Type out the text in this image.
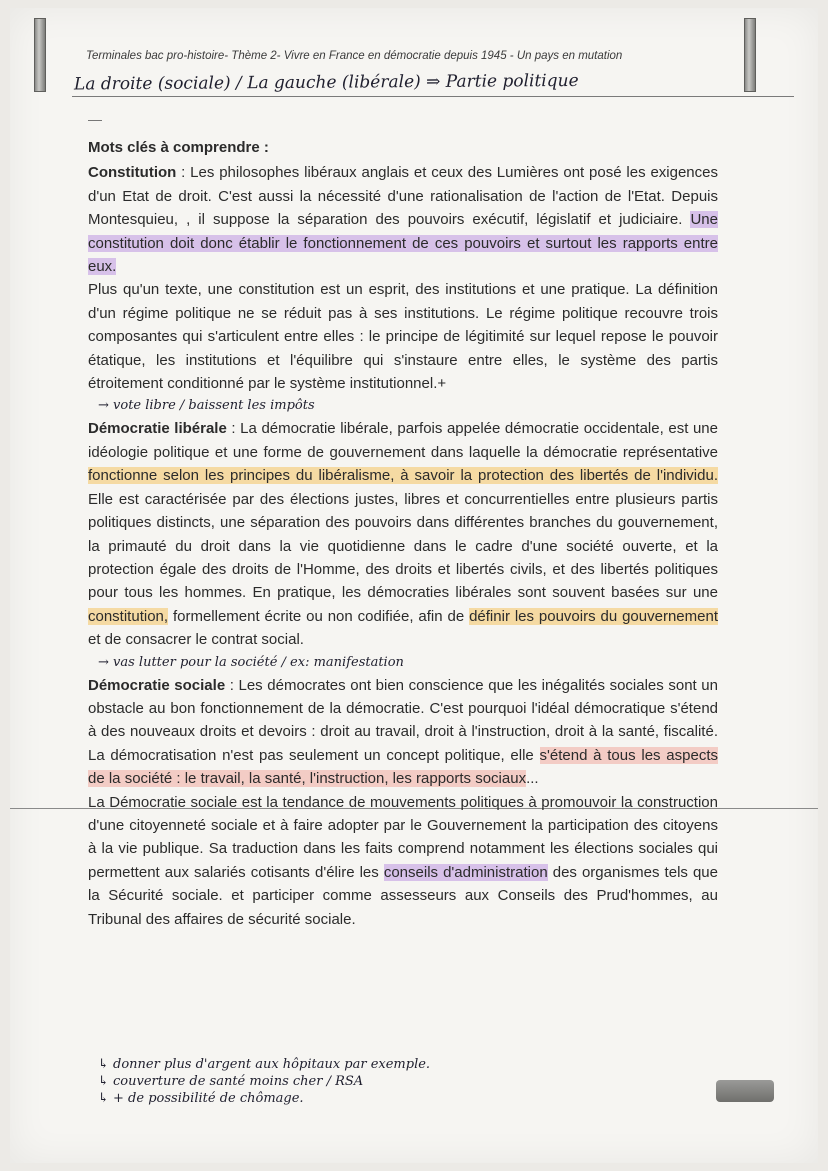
Terminales bac pro-histoire- Thème 2- Vivre en France en démocratie depuis 1945 - Un pays en mutation
La droite (sociale) / La gauche (libérale) ⇒ Partie politique

Mots clés à comprendre :

Constitution : Les philosophes libéraux anglais et ceux des Lumières ont posé les exigences d'un Etat de droit. C'est aussi la nécessité d'une rationalisation de l'action de l'Etat. Depuis Montesquieu, , il suppose la séparation des pouvoirs exécutif, législatif et judiciaire. Une constitution doit donc établir le fonctionnement de ces pouvoirs et surtout les rapports entre eux.

Plus qu'un texte, une constitution est un esprit, des institutions et une pratique. La définition d'un régime politique ne se réduit pas à ses institutions. Le régime politique recouvre trois composantes qui s'articulent entre elles : le principe de légitimité sur lequel repose le pouvoir étatique, les institutions et l'équilibre qui s'instaure entre elles, le système des partis étroitement conditionné par le système institutionnel.+

→ vote libre / baissent les impôts

Démocratie libérale : La démocratie libérale, parfois appelée démocratie occidentale, est une idéologie politique et une forme de gouvernement dans laquelle la démocratie représentative fonctionne selon les principes du libéralisme, à savoir la protection des libertés de l'individu. Elle est caractérisée par des élections justes, libres et concurrentielles entre plusieurs partis politiques distincts, une séparation des pouvoirs dans différentes branches du gouvernement, la primauté du droit dans la vie quotidienne dans le cadre d'une société ouverte, et la protection égale des droits de l'Homme, des droits et libertés civils, et des libertés politiques pour tous les hommes. En pratique, les démocraties libérales sont souvent basées sur une constitution, formellement écrite ou non codifiée, afin de définir les pouvoirs du gouvernement et de consacrer le contrat social.

→ vas lutter pour la société / ex: manifestation

Démocratie sociale : Les démocrates ont bien conscience que les inégalités sociales sont un obstacle au bon fonctionnement de la démocratie. C'est pourquoi l'idéal démocratique s'étend à des nouveaux droits et devoirs : droit au travail, droit à l'instruction, droit à la santé, fiscalité. La démocratisation n'est pas seulement un concept politique, elle s'étend à tous les aspects de la société : le travail, la santé, l'instruction, les rapports sociaux...

La Démocratie sociale est la tendance de mouvements politiques à promouvoir la construction d'une citoyenneté sociale et à faire adopter par le Gouvernement la participation des citoyens à la vie publique. Sa traduction dans les faits comprend notamment les élections sociales qui permettent aux salariés cotisants d'élire les conseils d'administration des organismes tels que la Sécurité sociale. et participer comme assesseurs aux Conseils des Prud'hommes, au Tribunal des affaires de sécurité sociale.

↳ donner plus d'argent aux hôpitaux par exemple.
↳ couverture de santé moins cher / RSA
↳ + de possibilité de chômage.
